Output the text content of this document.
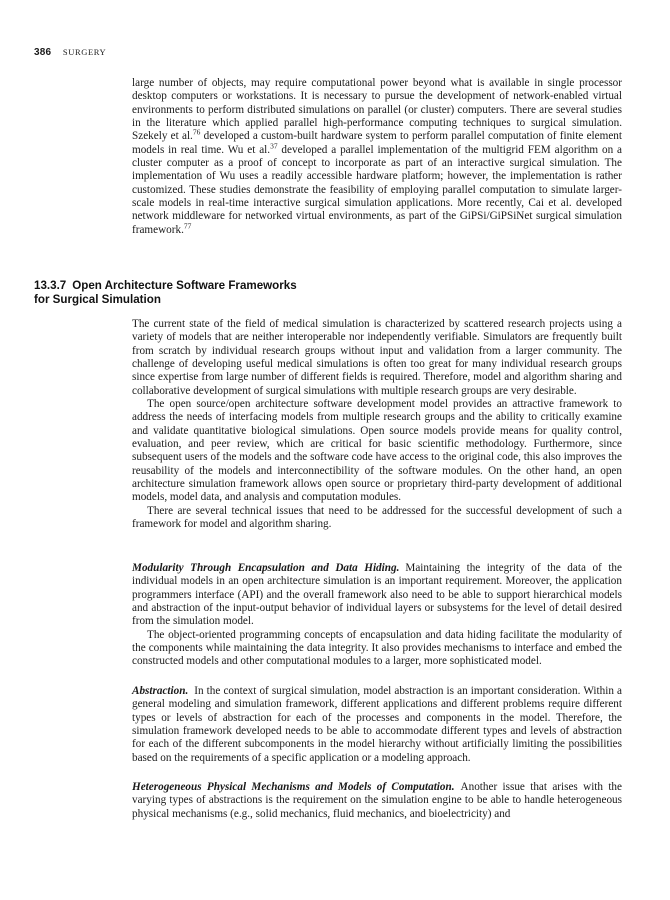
386 SURGERY

large number of objects, may require computational power beyond what is available in single processor desktop computers or workstations. It is necessary to pursue the development of network-enabled virtual environments to perform distributed simulations on parallel (or cluster) computers. There are several studies in the literature which applied parallel high-performance computing techniques to surgical simulation. Szekely et al.$^{76}$ developed a custom-built hardware system to perform parallel computation of finite element models in real time. Wu et al.$^{37}$ developed a parallel implementation of the multigrid FEM algorithm on a cluster computer as a proof of concept to incorporate as part of an interactive surgical simulation. The implementation of Wu uses a readily accessible hardware platform; however, the implementation is rather customized. These studies demonstrate the feasibility of employing parallel computation to simulate larger-scale models in real-time interactive surgical simulation applications. More recently, Cai et al. developed network middleware for networked virtual environments, as part of the GiPSi/GiPSiNet surgical simulation framework.$^{77}$

13.3.7 Open Architecture Software Frameworks
for Surgical Simulation

The current state of the field of medical simulation is characterized by scattered research projects using a variety of models that are neither interoperable nor independently verifiable. Simulators are frequently built from scratch by individual research groups without input and validation from a larger community. The challenge of developing useful medical simulations is often too great for many individual research groups since expertise from large number of different fields is required. Therefore, model and algorithm sharing and collaborative development of surgical simulations with multiple research groups are very desirable.

The open source/open architecture software development model provides an attractive framework to address the needs of interfacing models from multiple research groups and the ability to critically examine and validate quantitative biological simulations. Open source models provide means for quality control, evaluation, and peer review, which are critical for basic scientific methodology. Furthermore, since subsequent users of the models and the software code have access to the original code, this also improves the reusability of the models and interconnectibility of the software modules. On the other hand, an open architecture simulation framework allows open source or proprietary third-party development of additional models, model data, and analysis and computation modules.

There are several technical issues that need to be addressed for the successful development of such a framework for model and algorithm sharing.

Modularity Through Encapsulation and Data Hiding. Maintaining the integrity of the data of the individual models in an open architecture simulation is an important requirement. Moreover, the application programmers interface (API) and the overall framework also need to be able to support hierarchical models and abstraction of the input-output behavior of individual layers or subsystems for the level of detail desired from the simulation model.

The object-oriented programming concepts of encapsulation and data hiding facilitate the modularity of the components while maintaining the data integrity. It also provides mechanisms to interface and embed the constructed models and other computational modules to a larger, more sophisticated model.

Abstraction. In the context of surgical simulation, model abstraction is an important consideration. Within a general modeling and simulation framework, different applications and different problems require different types or levels of abstraction for each of the processes and components in the model. Therefore, the simulation framework developed needs to be able to accommodate different types and levels of abstraction for each of the different subcomponents in the model hierarchy without artificially limiting the possibilities based on the requirements of a specific application or a modeling approach.

Heterogeneous Physical Mechanisms and Models of Computation. Another issue that arises with the varying types of abstractions is the requirement on the simulation engine to be able to handle heterogeneous physical mechanisms (e.g., solid mechanics, fluid mechanics, and bioelectricity) and
